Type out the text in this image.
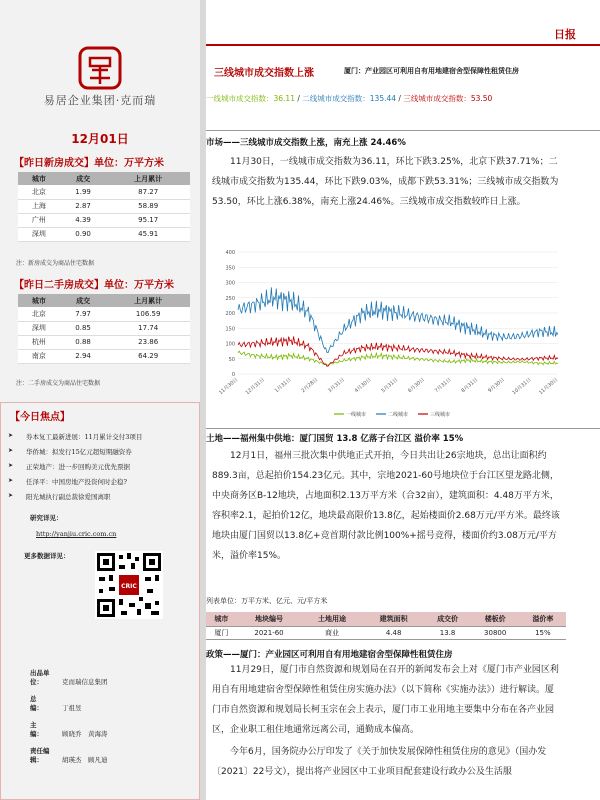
易居企业集团·克而瑞
12月01日
【昨日新房成交】单位：万平方米
城市	成交	上月累计
北京	1.99	87.27
上海	2.87	58.89
广州	4.39	95.17
深圳	0.90	45.91
注：新房成交为商品住宅数据
【昨日二手房成交】单位：万平方米
城市	成交	上月累计
北京	7.97	106.59
深圳	0.85	17.74
杭州	0.88	23.86
南京	2.94	64.29
注：二手房成交为商品住宅数据
【今日焦点】
➤ 券本复工最新进展：11月累计交付3项目
➤ 华侨城：拟发行15亿元超短期融资券
➤ 正荣地产：进一步回购美元优先票据
➤ 任泽平：中国房地产投资何时企稳?
➤ 阳光城执行副总裁徐爱国离职
研究详见：
http://yanjiu.cric.com.cn
更多数据详见：
CRIC
出品单位：	克而瑞信息集团
总　　编：	丁祖昱
主　　编：	顾晓乔　黄海涛
责任编辑：	胡瑛杰　顾凡迪
日报
三线城市成交指数上涨	厦门：产业园区可利用自有用地建宿舍型保障性租赁住房
一线城市成交指数：36.11 / 二线城市成交指数：135.44 / 三线城市成交指数：53.50
市场——三线城市成交指数上涨，南充上涨 24.46%

11月30日，一线城市成交指数为36.11，环比下跌3.25%，北京下跌37.71%；二线城市成交指数为135.44，环比下跌9.03%，成都下跌53.31%；三线城市成交指数为53.50，环比上涨6.38%，南充上涨24.46%。三线城市成交指数较昨日上涨。

0
50
100
150
200
250
300
350
400
11月30日 12月31日 1月31日 2月28日 3月31日 4月30日 5月31日 6月30日 7月31日 8月31日 9月30日 10月31日 11月30日
一线城市	二线城市	三线城市
土地——福州集中供地：厦门国贸 13.8 亿落子台江区 溢价率 15%

12月1日，福州三批次集中供地正式开拍，今日共出让26宗地块，总出让面积约889.3亩，总起拍价154.23亿元。其中，宗地2021-60号地块位于台江区望龙路北侧，中央商务区B-12地块，占地面积2.13万平方米（合32亩），建筑面积：4.48万平方米，容积率2.1，起拍价12亿，地块最高限价13.8亿，起始楼面价2.68万元/平方米。最终该地块由厦门国贸以13.8亿+竞首期付款比例100%+摇号竞得，楼面价约3.08万元/平方米，溢价率15%。

列表单位：万平方米、亿元、元/平方米
城市	地块编号	土地用途	建筑面积	成交价	楼板价	溢价率
厦门	2021-60	商业	4.48	13.8	30800	15%
政策——厦门：产业园区可利用自有用地建宿舍型保障性租赁住房

11月29日，厦门市自然资源和规划局在召开的新闻发布会上对《厦门市产业园区利用自有用地建宿舍型保障性租赁住房实施办法》（以下简称《实施办法》）进行解读。厦门市自然资源和规划局长柯玉宗在会上表示，厦门市工业用地主要集中分布在各产业园区，企业职工租住地通常远离公司，通勤成本偏高。

今年6月，国务院办公厅印发了《关于加快发展保障性租赁住房的意见》（国办发〔2021〕22号文），提出将产业园区中工业项目配套建设行政办公及生活服
